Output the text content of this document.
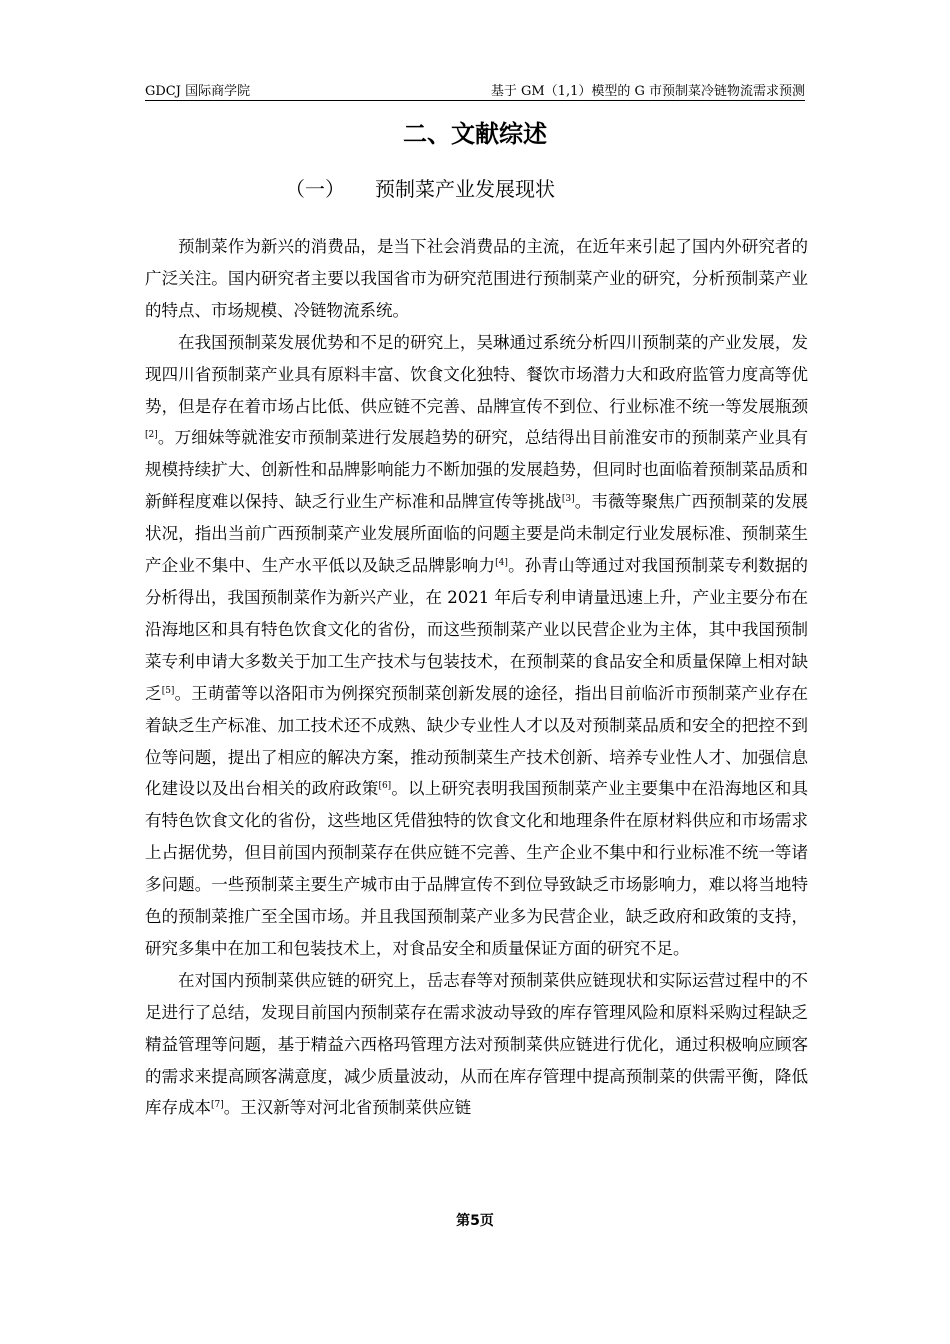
GDCJ 国际商学院	基于 GM（1,1）模型的 G 市预制菜冷链物流需求预测
二、文献综述
（一） 预制菜产业发展现状

预制菜作为新兴的消费品，是当下社会消费品的主流，在近年来引起了国内外研究者的广泛关注。国内研究者主要以我国省市为研究范围进行预制菜产业的研究，分析预制菜产业的特点、市场规模、冷链物流系统。

在我国预制菜发展优势和不足的研究上，吴琳通过系统分析四川预制菜的产业发展，发现四川省预制菜产业具有原料丰富、饮食文化独特、餐饮市场潜力大和政府监管力度高等优势，但是存在着市场占比低、供应链不完善、品牌宣传不到位、行业标准不统一等发展瓶颈[2]。万细妹等就淮安市预制菜进行发展趋势的研究，总结得出目前淮安市的预制菜产业具有规模持续扩大、创新性和品牌影响能力不断加强的发展趋势，但同时也面临着预制菜品质和新鲜程度难以保持、缺乏行业生产标准和品牌宣传等挑战[3]。韦薇等聚焦广西预制菜的发展状况，指出当前广西预制菜产业发展所面临的问题主要是尚未制定行业发展标准、预制菜生产企业不集中、生产水平低以及缺乏品牌影响力[4]。孙青山等通过对我国预制菜专利数据的分析得出，我国预制菜作为新兴产业，在 2021 年后专利申请量迅速上升，产业主要分布在沿海地区和具有特色饮食文化的省份，而这些预制菜产业以民营企业为主体，其中我国预制菜专利申请大多数关于加工生产技术与包装技术，在预制菜的食品安全和质量保障上相对缺乏[5]。王萌蕾等以洛阳市为例探究预制菜创新发展的途径，指出目前临沂市预制菜产业存在着缺乏生产标准、加工技术还不成熟、缺少专业性人才以及对预制菜品质和安全的把控不到位等问题，提出了相应的解决方案，推动预制菜生产技术创新、培养专业性人才、加强信息化建设以及出台相关的政府政策[6]。以上研究表明我国预制菜产业主要集中在沿海地区和具有特色饮食文化的省份，这些地区凭借独特的饮食文化和地理条件在原材料供应和市场需求上占据优势，但目前国内预制菜存在供应链不完善、生产企业不集中和行业标准不统一等诸多问题。一些预制菜主要生产城市由于品牌宣传不到位导致缺乏市场影响力，难以将当地特色的预制菜推广至全国市场。并且我国预制菜产业多为民营企业，缺乏政府和政策的支持，研究多集中在加工和包装技术上，对食品安全和质量保证方面的研究不足。

在对国内预制菜供应链的研究上，岳志春等对预制菜供应链现状和实际运营过程中的不足进行了总结，发现目前国内预制菜存在需求波动导致的库存管理风险和原料采购过程缺乏精益管理等问题，基于精益六西格玛管理方法对预制菜供应链进行优化，通过积极响应顾客的需求来提高顾客满意度，减少质量波动，从而在库存管理中提高预制菜的供需平衡，降低库存成本[7]。王汉新等对河北省预制菜供应链

第5页
